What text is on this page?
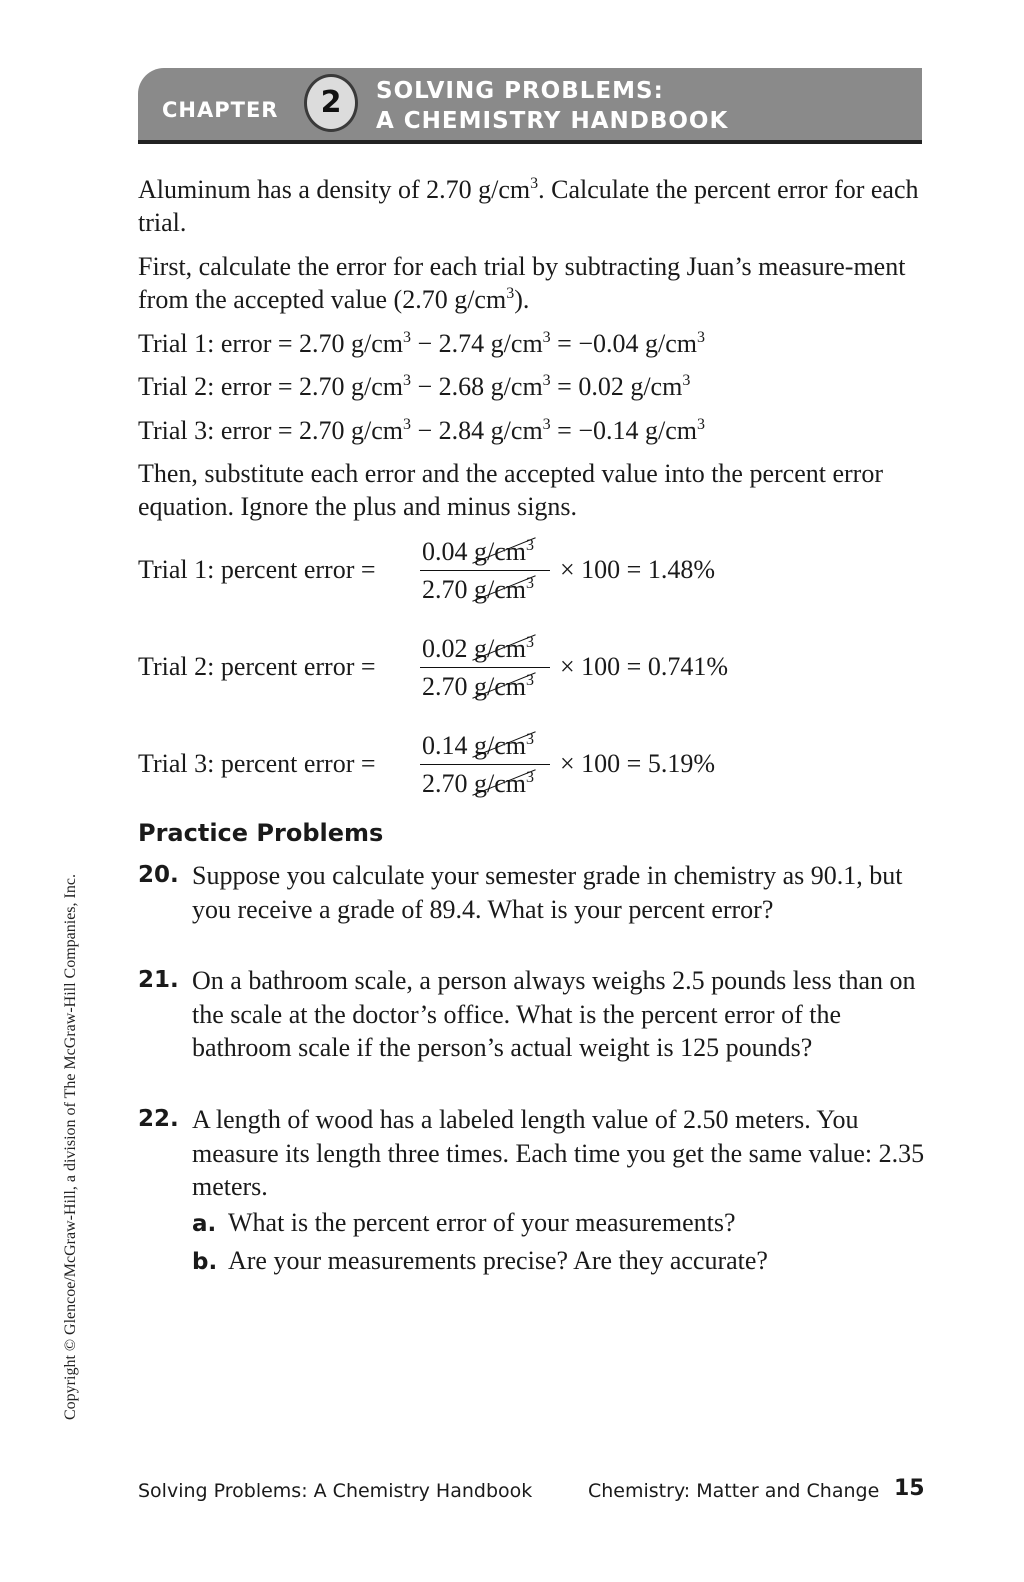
CHAPTER	2	SOLVING PROBLEMS:
A CHEMISTRY HANDBOOK

Aluminum has a density of 2.70 $g/cm^3$. Calculate the percent error for each trial.

First, calculate the error for each trial by subtracting Juan’s measure-ment from the accepted value (2.70 $g/cm^3$).

Trial 1: error = 2.70 $g/cm^3 - 2.74$ $g/cm^3 = -0.04$ $g/cm^3$

Trial 2: error = 2.70 $g/cm^3 - 2.68$ $g/cm^3 = 0.02$ $g/cm^3$

Trial 3: error = 2.70 $g/cm^3 - 2.84$ $g/cm^3 = -0.14$ $g/cm^3$

Then, substitute each error and the accepted value into the percent error equation. Ignore the plus and minus signs.

Trial 1: percent error =
0.04 $g/cm^3$
2.70 $g/cm^3$	× 100 = 1.48%
Trial 2: percent error =
0.02 $g/cm^3$
2.70 $g/cm^3$	× 100 = 0.741%
Trial 3: percent error =
0.14 $g/cm^3$
2.70 $g/cm^3$	× 100 = 5.19%
Practice Problems
20. Suppose you calculate your semester grade in chemistry as 90.1, but you receive a grade of 89.4. What is your percent error?

21. On a bathroom scale, a person always weighs 2.5 pounds less than on the scale at the doctor’s office. What is the percent error of the bathroom scale if the person’s actual weight is 125 pounds?

22. A length of wood has a labeled length value of 2.50 meters. You measure its length three times. Each time you get the same value: 2.35 meters.

a. What is the percent error of your measurements?
b. Are your measurements precise? Are they accurate?
Copyright © Glencoe/McGraw-Hill, a division of The McGraw-Hill Companies, Inc.
Solving Problems: A Chemistry Handbook	Chemistry: Matter and Change 15
